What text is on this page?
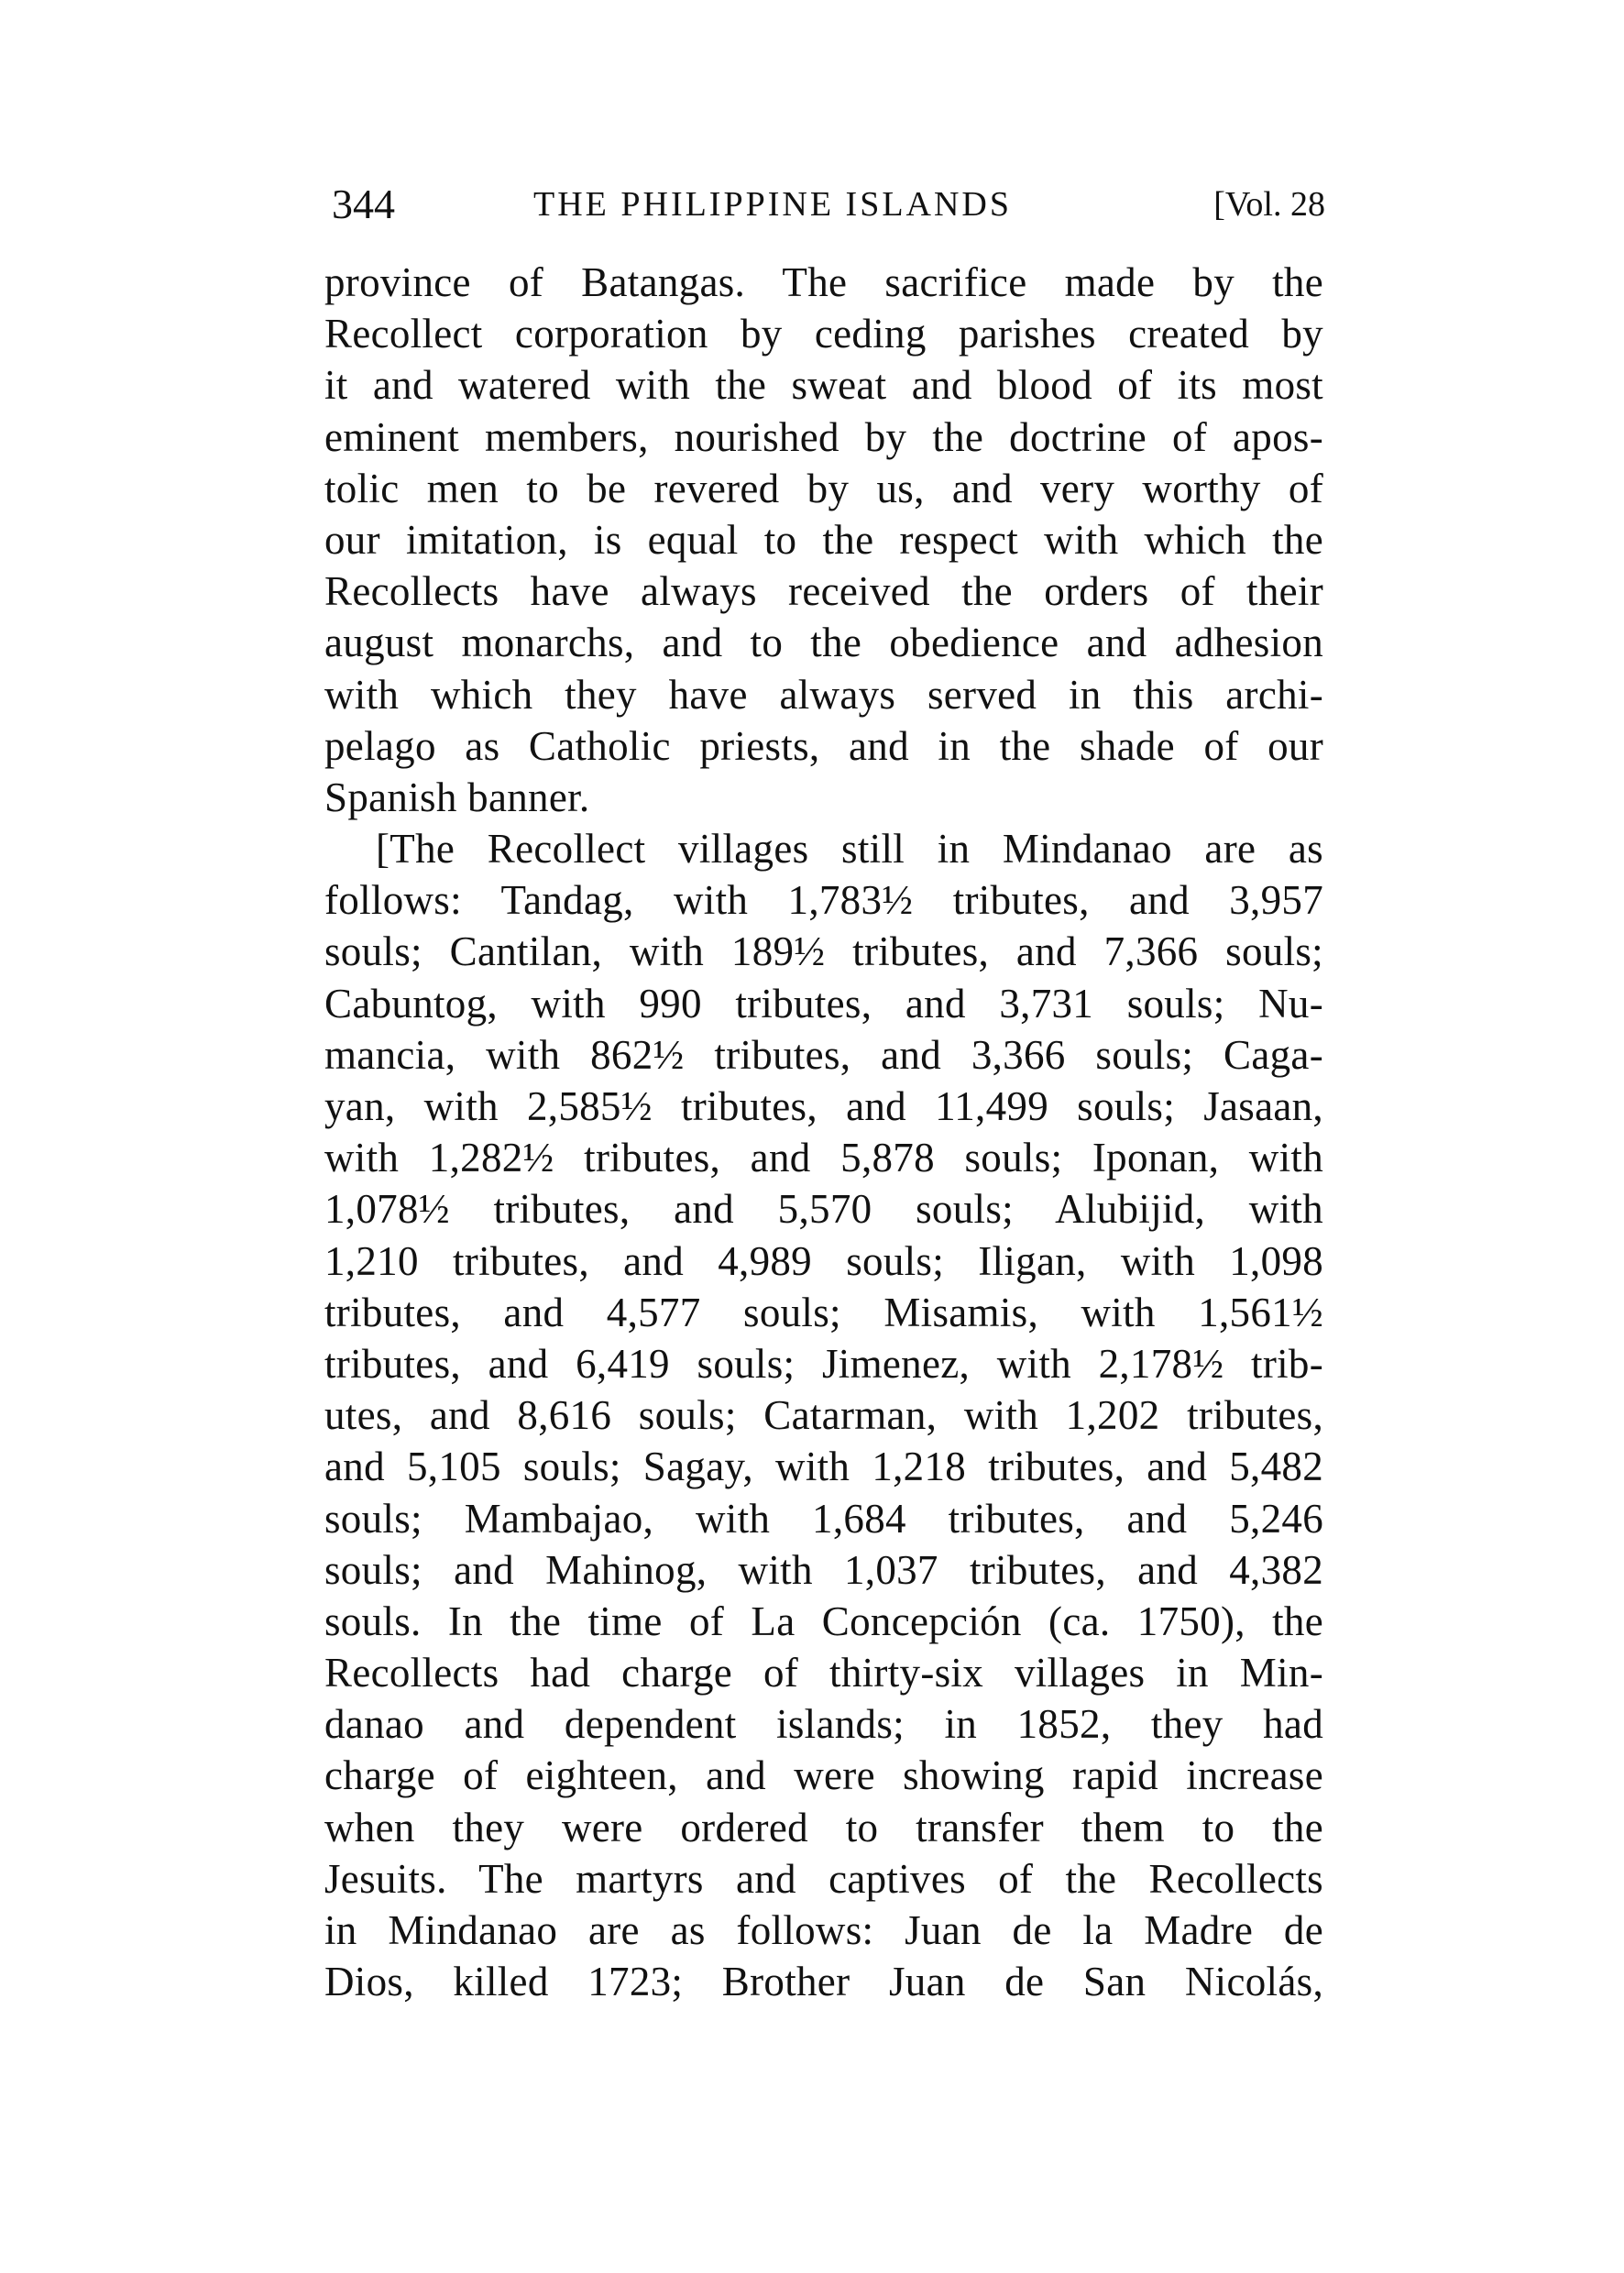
344	THE PHILIPPINE ISLANDS	[Vol. 28
province of Batangas. The sacrifice made by the
Recollect corporation by ceding parishes created by
it and watered with the sweat and blood of its most
eminent members, nourished by the doctrine of apos-
tolic men to be revered by us, and very worthy of
our imitation, is equal to the respect with which the
Recollects have always received the orders of their
august monarchs, and to the obedience and adhesion
with which they have always served in this archi-
pelago as Catholic priests, and in the shade of our
Spanish banner.
[The Recollect villages still in Mindanao are as
follows: Tandag, with 1,783½ tributes, and 3,957
souls; Cantilan, with 189½ tributes, and 7,366 souls;
Cabuntog, with 990 tributes, and 3,731 souls; Nu-
mancia, with 862½ tributes, and 3,366 souls; Caga-
yan, with 2,585½ tributes, and 11,499 souls; Jasaan,
with 1,282½ tributes, and 5,878 souls; Iponan, with
1,078½ tributes, and 5,570 souls; Alubijid, with
1,210 tributes, and 4,989 souls; Iligan, with 1,098
tributes, and 4,577 souls; Misamis, with 1,561½
tributes, and 6,419 souls; Jimenez, with 2,178½ trib-
utes, and 8,616 souls; Catarman, with 1,202 tributes,
and 5,105 souls; Sagay, with 1,218 tributes, and 5,482
souls; Mambajao, with 1,684 tributes, and 5,246
souls; and Mahinog, with 1,037 tributes, and 4,382
souls. In the time of La Concepción (ca. 1750), the
Recollects had charge of thirty-six villages in Min-
danao and dependent islands; in 1852, they had
charge of eighteen, and were showing rapid increase
when they were ordered to transfer them to the
Jesuits. The martyrs and captives of the Recollects
in Mindanao are as follows: Juan de la Madre de
Dios, killed 1723; Brother Juan de San Nicolás,
